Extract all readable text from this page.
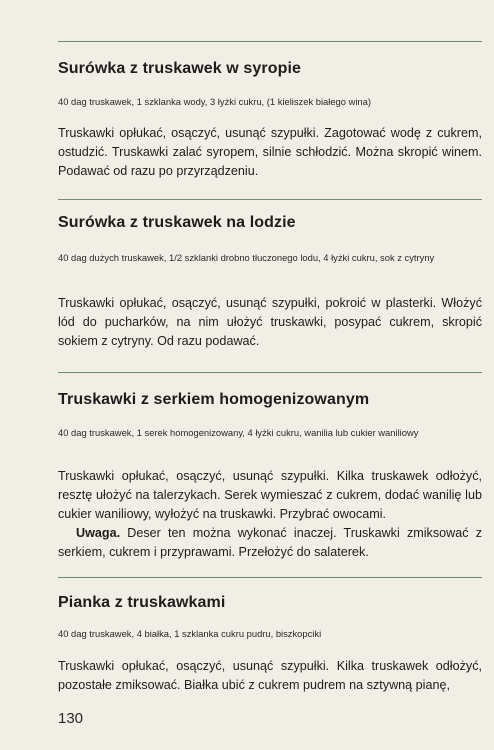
Surówka z truskawek w syropie
40 dag truskawek, 1 szklanka wody, 3 łyżki cukru, (1 kieliszek białego wina)

Truskawki opłukać, osączyć, usunąć szypułki. Zagotować wodę z cukrem, ostudzić. Truskawki zalać syropem, silnie schłodzić. Można skropić winem. Podawać od razu po przyrządzeniu.

Surówka z truskawek na lodzie
40 dag dużych truskawek, 1/2 szklanki drobno tłuczonego lodu, 4 łyżki cukru, sok z cytryny

Truskawki opłukać, osączyć, usunąć szypułki, pokroić w plasterki. Włożyć lód do pucharków, na nim ułożyć truskawki, posypać cukrem, skropić sokiem z cytryny. Od razu podawać.

Truskawki z serkiem homogenizowanym
40 dag truskawek, 1 serek homogenizowany, 4 łyżki cukru, wanilia lub cukier waniliowy

Truskawki opłukać, osączyć, usunąć szypułki. Kilka truskawek odłożyć, resztę ułożyć na talerzykach. Serek wymieszać z cukrem, dodać wanilię lub cukier waniliowy, wyłożyć na truskawki. Przybrać owocami.

Uwaga. Deser ten można wykonać inaczej. Truskawki zmiksować z serkiem, cukrem i przyprawami. Przełożyć do salaterek.

Pianka z truskawkami
40 dag truskawek, 4 białka, 1 szklanka cukru pudru, biszkopciki

Truskawki opłukać, osączyć, usunąć szypułki. Kilka truskawek odłożyć, pozostałe zmiksować. Białka ubić z cukrem pudrem na sztywną pianę,

130
